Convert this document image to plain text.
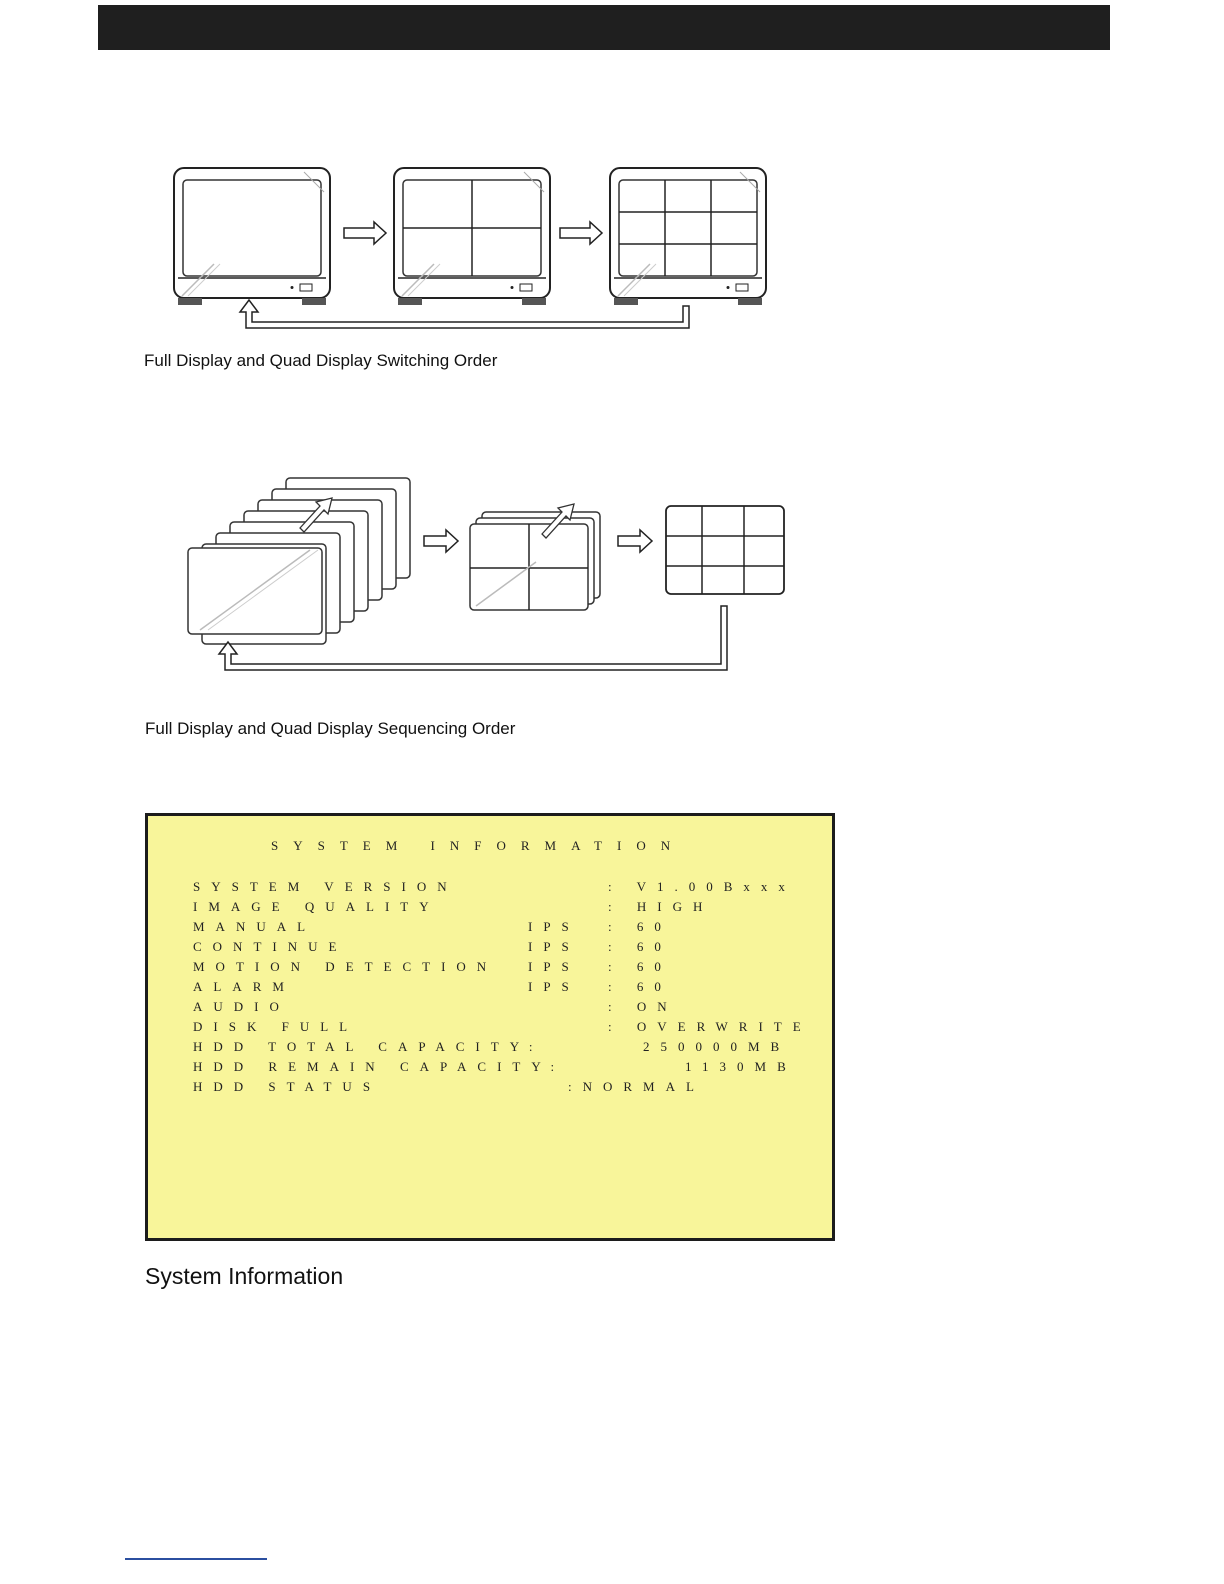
Full Display and Quad Display Switching Order
Full Display and Quad Display Sequencing Order
SYSTEM INFORMATION
SYSTEM VERSION	: V1.00Bxxx
IMAGE QUALITY	: HIGH
MANUAL	IPS : 60
CONTINUE	IPS : 60
MOTION DETECTION IPS : 60
ALARM	IPS : 60
AUDIO	: ON
DISK FULL	: OVERWRITE
HDD TOTAL CAPACITY:	250000MB
HDD REMAIN CAPACITY:	1130MB
HDD STATUS	:NORMAL
System Information
